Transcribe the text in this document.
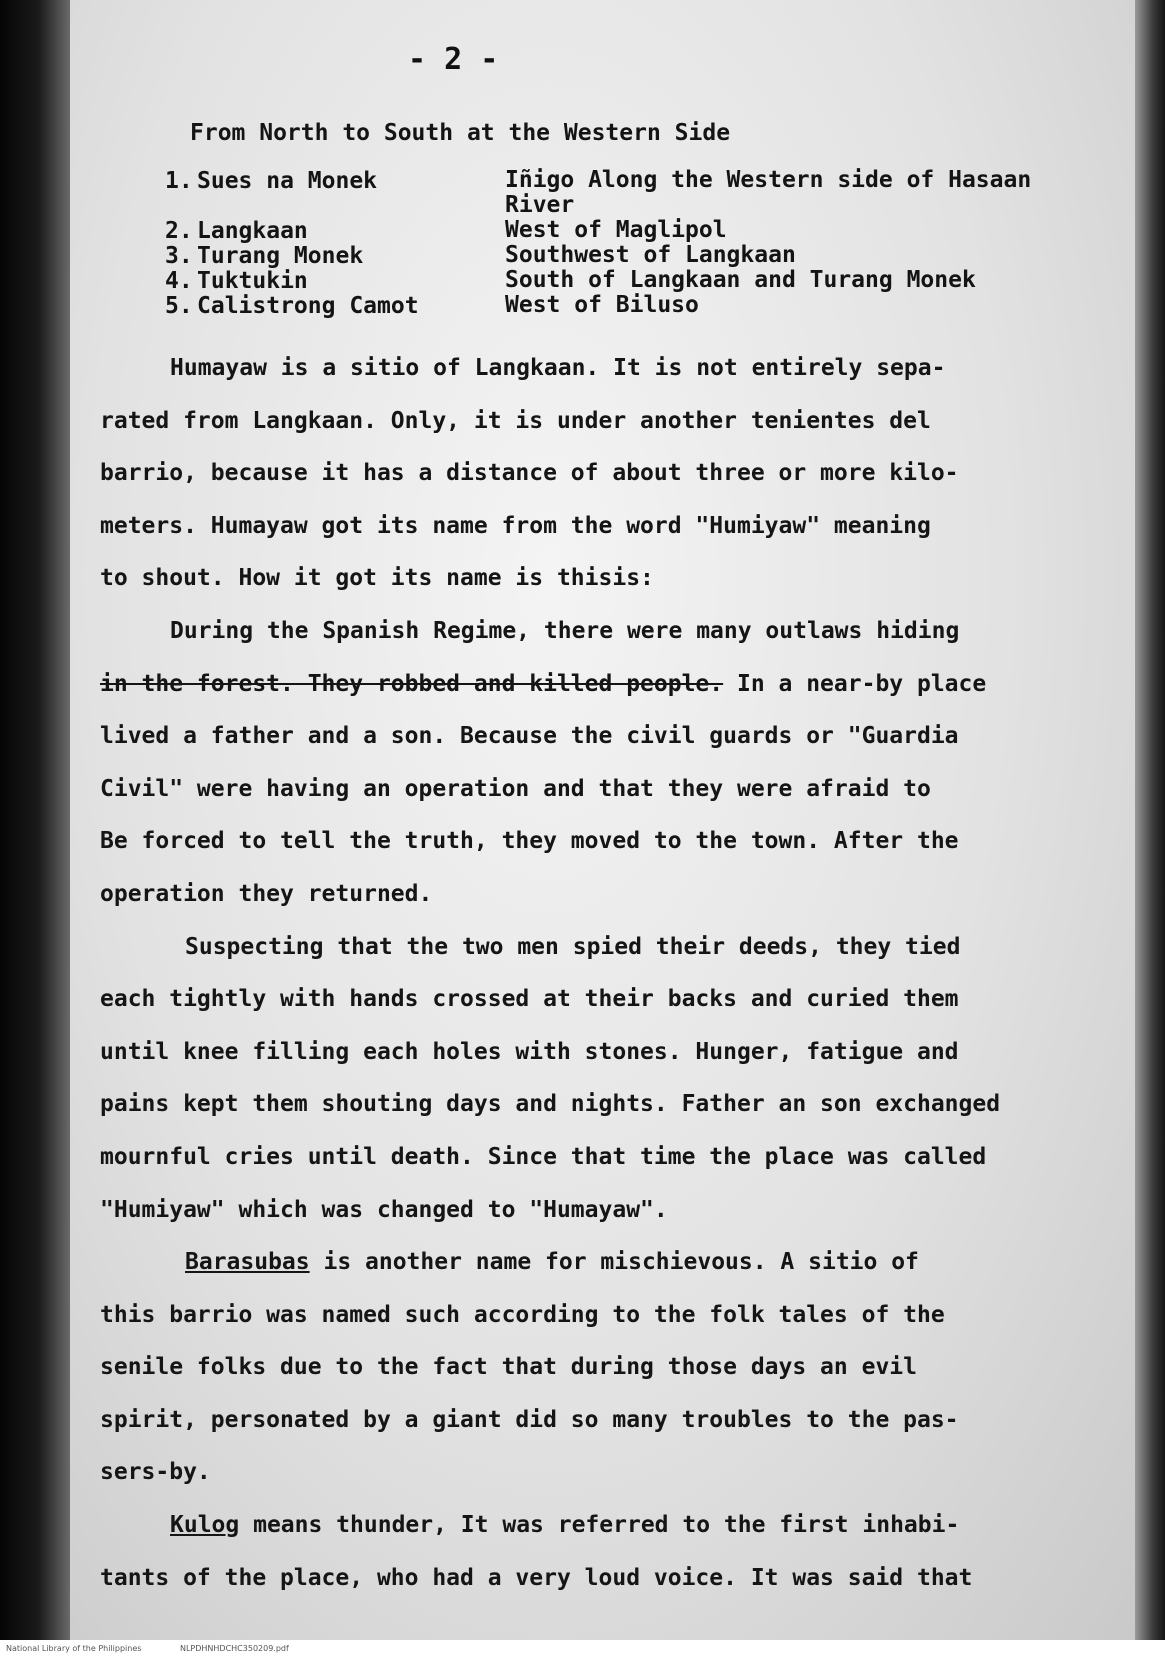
- 2 -
From North to South at the Western Side
1. Sues na Monek	Iñigo Along the Western side of Hasaan River
2. Langkaan	West of Maglipol
3. Turang Monek	Southwest of Langkaan
4. Tuktukin	South of Langkaan and Turang Monek
5. Calistrong Camot	West of Biluso
Humayaw is a sitio of Langkaan. It is not entirely sepa-
rated from Langkaan. Only, it is under another tenientes del
barrio, because it has a distance of about three or more kilo-
meters. Humayaw got its name from the word "Humiyaw" meaning
to shout. How it got its name is thisis:
During the Spanish Regime, there were many outlaws hiding
in the forest. They robbed and killed people. In a near-by place
lived a father and a son. Because the civil guards or "Guardia
Civil" were having an operation and that they were afraid to
Be forced to tell the truth, they moved to the town. After the
operation they returned.
Suspecting that the two men spied their deeds, they tied
each tightly with hands crossed at their backs and curied them
until knee filling each holes with stones. Hunger, fatigue and
pains kept them shouting days and nights. Father an son exchanged
mournful cries until death. Since that time the place was called
"Humiyaw" which was changed to "Humayaw".
Barasubas is another name for mischievous. A sitio of
this barrio was named such according to the folk tales of the
senile folks due to the fact that during those days an evil
spirit, personated by a giant did so many troubles to the pas-
sers-by.
Kulog means thunder, It was referred to the first inhabi-
tants of the place, who had a very loud voice. It was said that
National Library of the Philippines	NLPDHNHDCHC350209.pdf
